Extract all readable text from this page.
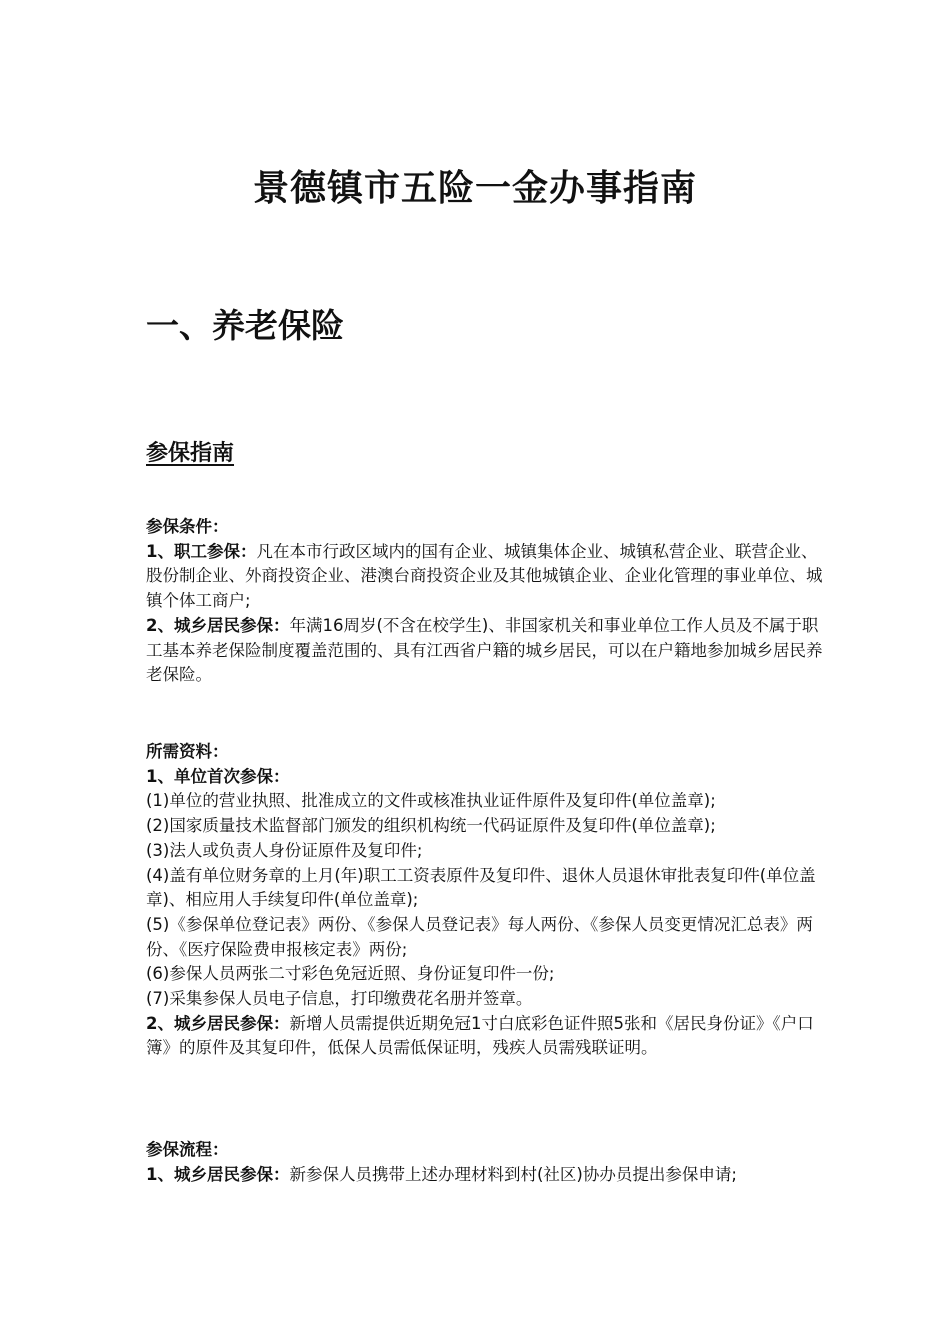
景德镇市五险一金办事指南
一、养老保险
参保指南

参保条件：

1、职工参保：凡在本市行政区域内的国有企业、城镇集体企业、城镇私营企业、联营企业、股份制企业、外商投资企业、港澳台商投资企业及其他城镇企业、企业化管理的事业单位、城镇个体工商户;

2、城乡居民参保：年满16周岁(不含在校学生)、非国家机关和事业单位工作人员及不属于职工基本养老保险制度覆盖范围的、具有江西省户籍的城乡居民，可以在户籍地参加城乡居民养老保险。

所需资料：

1、单位首次参保：

(1)单位的营业执照、批准成立的文件或核准执业证件原件及复印件(单位盖章);

(2)国家质量技术监督部门颁发的组织机构统一代码证原件及复印件(单位盖章);

(3)法人或负责人身份证原件及复印件;

(4)盖有单位财务章的上月(年)职工工资表原件及复印件、退休人员退休审批表复印件(单位盖章)、相应用人手续复印件(单位盖章);

(5)《参保单位登记表》两份、《参保人员登记表》每人两份、《参保人员变更情况汇总表》两份、《医疗保险费申报核定表》两份;

(6)参保人员两张二寸彩色免冠近照、身份证复印件一份;

(7)采集参保人员电子信息，打印缴费花名册并签章。

2、城乡居民参保：新增人员需提供近期免冠1寸白底彩色证件照5张和《居民身份证》《户口簿》的原件及其复印件，低保人员需低保证明，残疾人员需残联证明。

参保流程：

1、城乡居民参保：新参保人员携带上述办理材料到村(社区)协办员提出参保申请;
